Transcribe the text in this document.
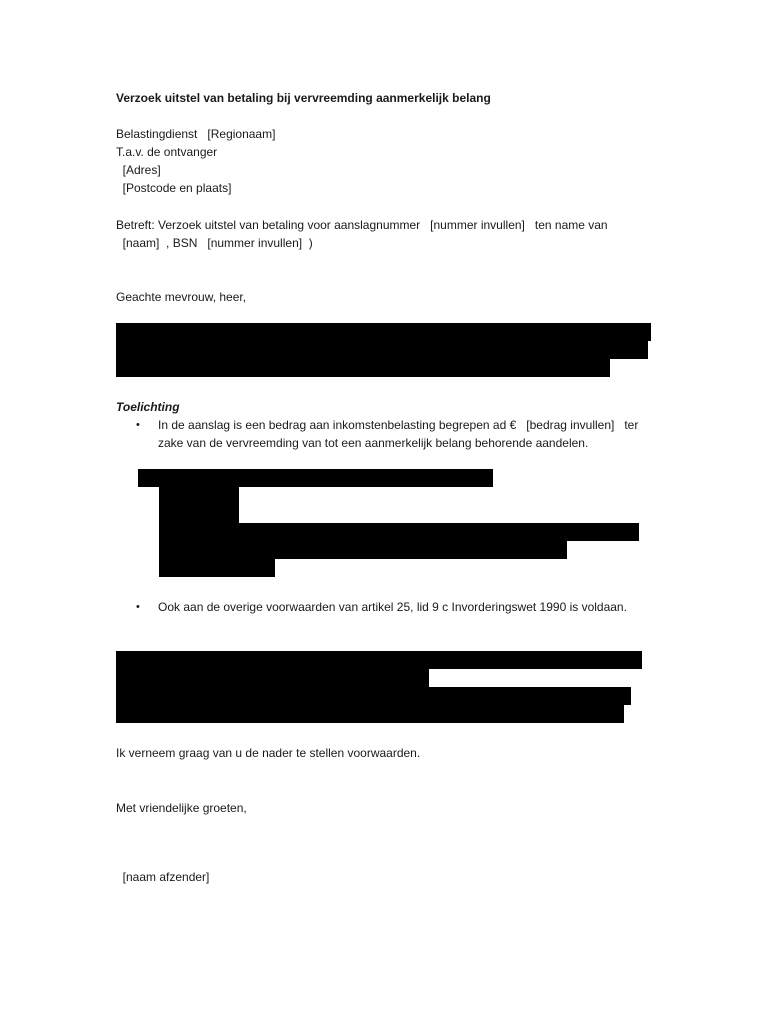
Verzoek uitstel van betaling bij vervreemding aanmerkelijk belang
Belastingdienst   [Regionaam]
T.a.v. de ontvanger
[Adres]
[Postcode en plaats]
Betreft: Verzoek uitstel van betaling voor aanslagnummer   [nummer invullen]   ten name van
[naam]  , BSN   [nummer invullen]  )
Geachte mevrouw, heer,
Toelichting
• In de aanslag is een bedrag aan inkomstenbelasting begrepen ad €   [bedrag invullen]   ter
zake van de vervreemding van tot een aanmerkelijk belang behorende aandelen.
• Ook aan de overige voorwaarden van artikel 25, lid 9 c Invorderingswet 1990 is voldaan.
Ik verneem graag van u de nader te stellen voorwaarden.
Met vriendelijke groeten,
[naam afzender]
